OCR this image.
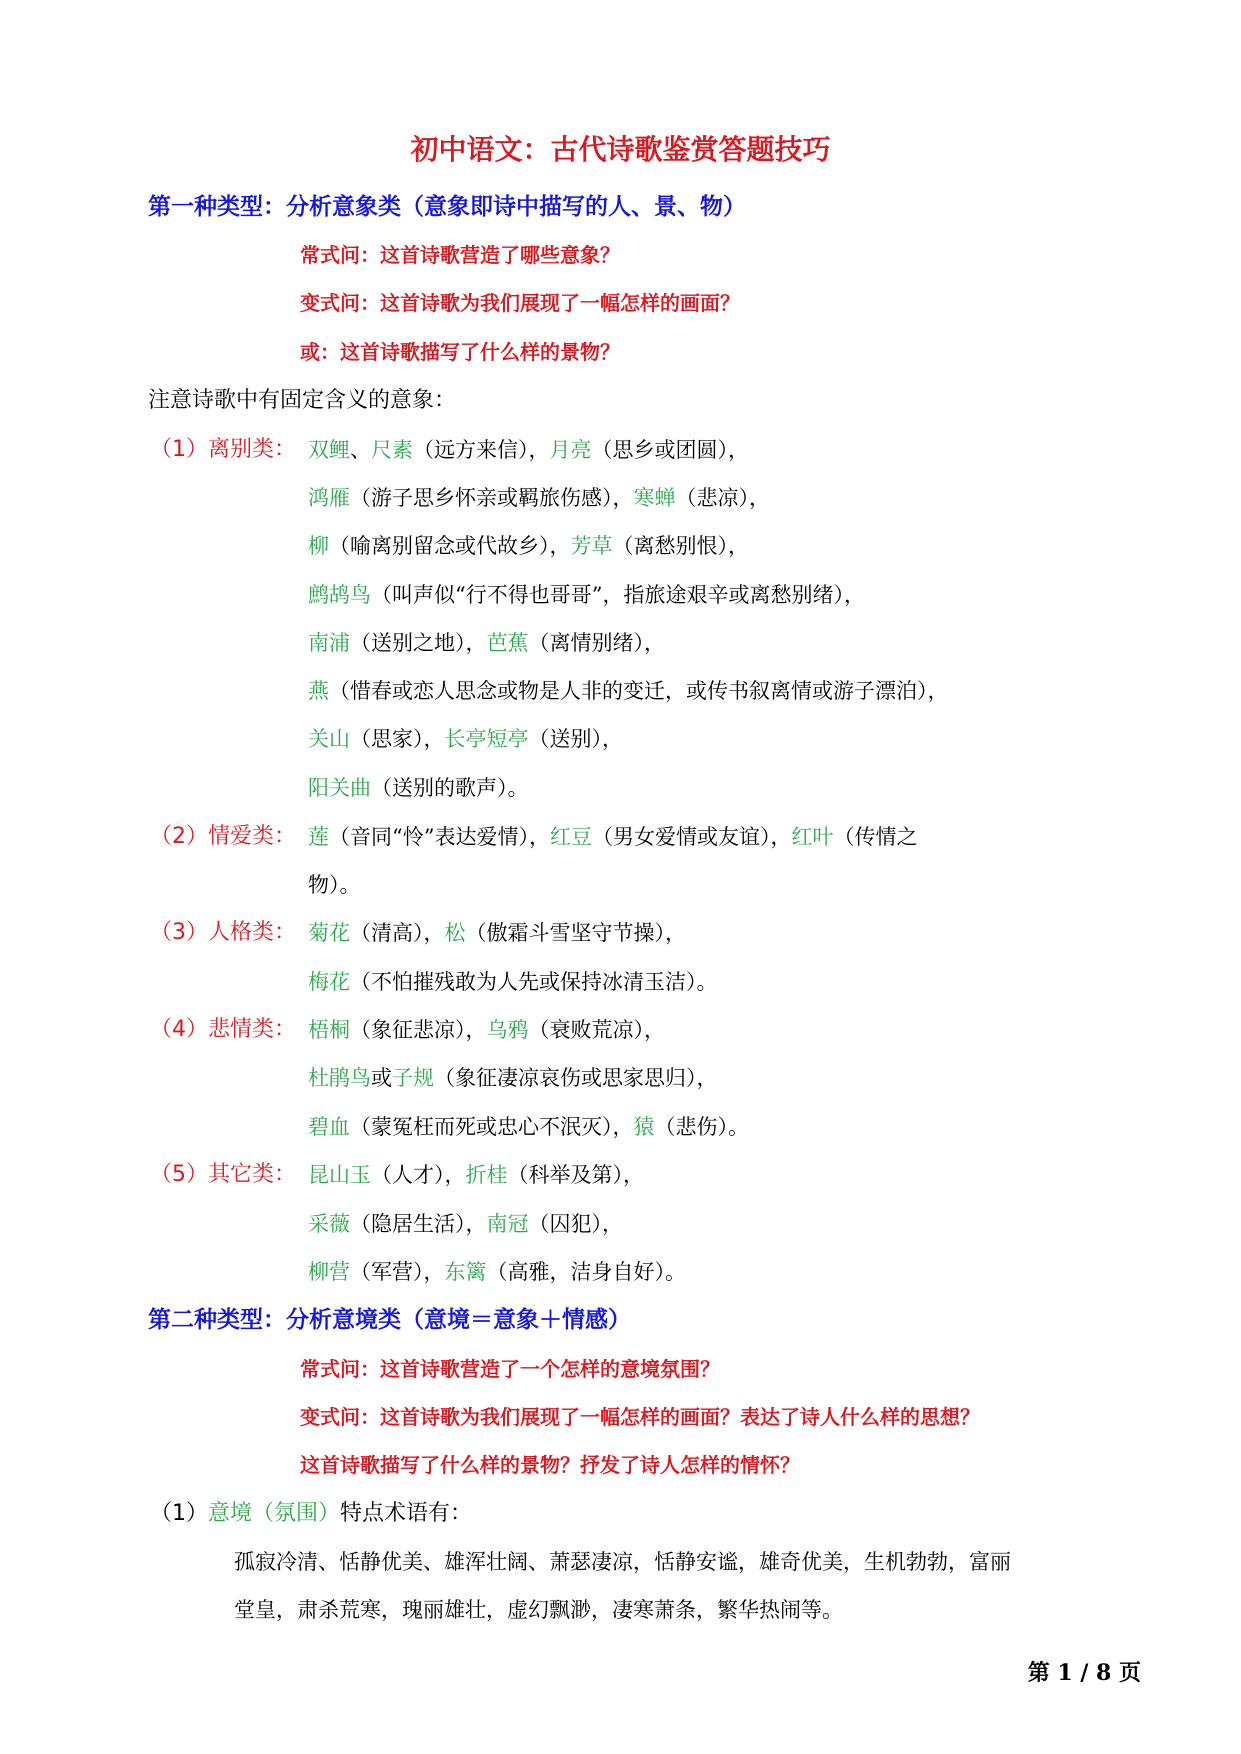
初中语文：古代诗歌鉴赏答题技巧
第一种类型：分析意象类（意象即诗中描写的人、景、物）
常式问：这首诗歌营造了哪些意象？
变式问：这首诗歌为我们展现了一幅怎样的画面？
或：这首诗歌描写了什么样的景物？
注意诗歌中有固定含义的意象：
（1）离别类： 双鲤、尺素（远方来信），月亮（思乡或团圆），
鸿雁（游子思乡怀亲或羁旅伤感），寒蝉（悲凉），
柳（喻离别留念或代故乡），芳草（离愁别恨），
鹧鸪鸟（叫声似“行不得也哥哥”，指旅途艰辛或离愁别绪），
南浦（送别之地），芭蕉（离情别绪），
燕（惜春或恋人思念或物是人非的变迁，或传书叙离情或游子漂泊），
关山（思家），长亭短亭（送别），
阳关曲（送别的歌声）。
（2）情爱类： 莲（音同“怜”表达爱情），红豆（男女爱情或友谊），红叶（传情之
物）。
（3）人格类： 菊花（清高），松（傲霜斗雪坚守节操），
梅花（不怕摧残敢为人先或保持冰清玉洁）。
（4）悲情类： 梧桐（象征悲凉），乌鸦（衰败荒凉），
杜鹃鸟或子规（象征凄凉哀伤或思家思归），
碧血（蒙冤枉而死或忠心不泯灭），猿（悲伤）。
（5）其它类： 昆山玉（人才），折桂（科举及第），
采薇（隐居生活），南冠（囚犯），
柳营（军营），东篱（高雅，洁身自好）。
第二种类型：分析意境类（意境＝意象＋情感）
常式问：这首诗歌营造了一个怎样的意境氛围？
变式问：这首诗歌为我们展现了一幅怎样的画面？表达了诗人什么样的思想？
这首诗歌描写了什么样的景物？抒发了诗人怎样的情怀？
（1）意境（氛围）特点术语有：
孤寂冷清、恬静优美、雄浑壮阔、萧瑟凄凉，恬静安谧，雄奇优美，生机勃勃，富丽
堂皇，肃杀荒寒，瑰丽雄壮，虚幻飘渺，凄寒萧条，繁华热闹等。
第 1 / 8 页
